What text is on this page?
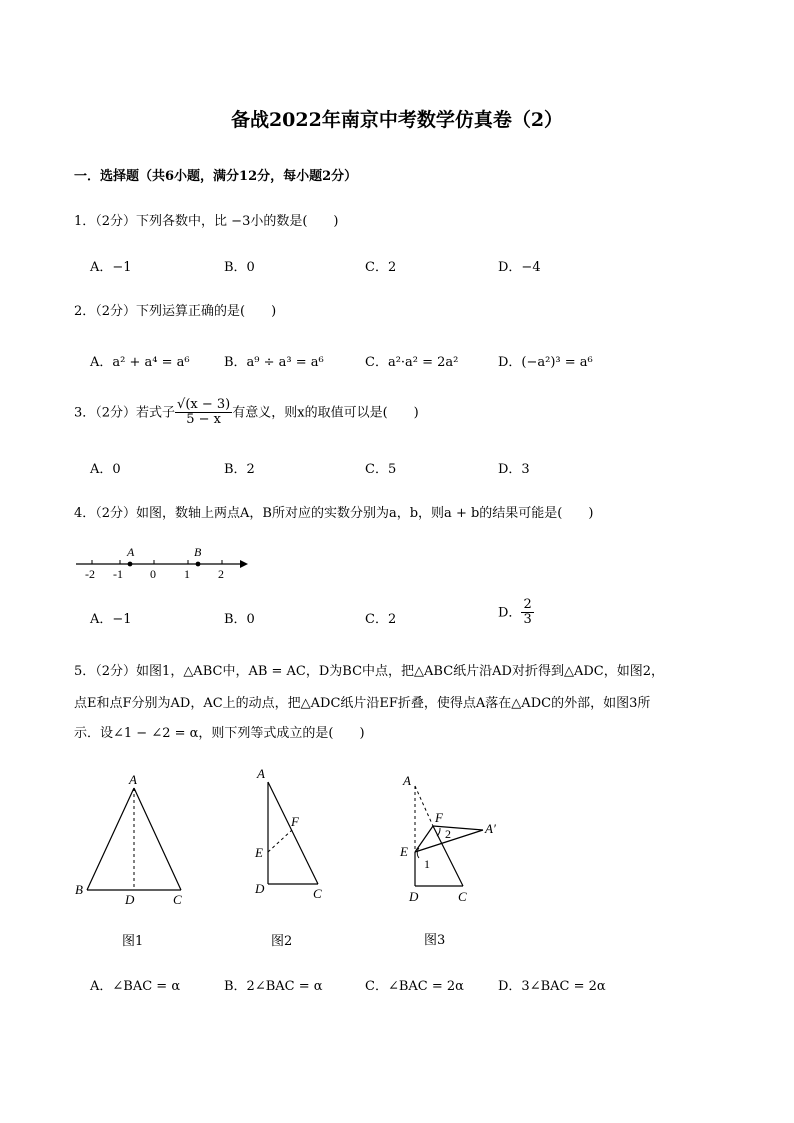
备战2022年南京中考数学仿真卷（2）
一．选择题（共6小题，满分12分，每小题2分）
1．（2分）下列各数中，比 −3小的数是(　　)
A．−1	B．0	C．2	D．−4
2．（2分）下列运算正确的是(　　)
A．a² + a⁴ = a⁶	B．a⁹ ÷ a³ = a⁶	C．a²·a² = 2a²	D．(−a²)³ = a⁶
3．（2分）若式子 $\frac{√(x - 3)}{5 - x}$ 有意义，则x的取值可以是(　　)
A．0	B．2	C．5	D．3
4．（2分）如图，数轴上两点A，B所对应的实数分别为a，b，则a + b的结果可能是(　　)
A	B
-2 -1 0 1 2
A．−1	B．0	C．2	D． $\frac{2}{3}$
5．（2分）如图1，△ABC中，AB = AC，D为BC中点，把△ABC纸片沿AD对折得到△ADC，如图2，
点E和点F分别为AD，AC上的动点，把△ADC纸片沿EF折叠，使得点A落在△ADC的外部，如图3所
示．设∠1 − ∠2 = α，则下列等式成立的是(　　)
A
B
D	C
图1
A
F
E
D	C
图2
A
F
2	A′
E
1
D	C
图3
A．∠BAC = α	B．2∠BAC = α	C．∠BAC = 2α	D．3∠BAC = 2α
